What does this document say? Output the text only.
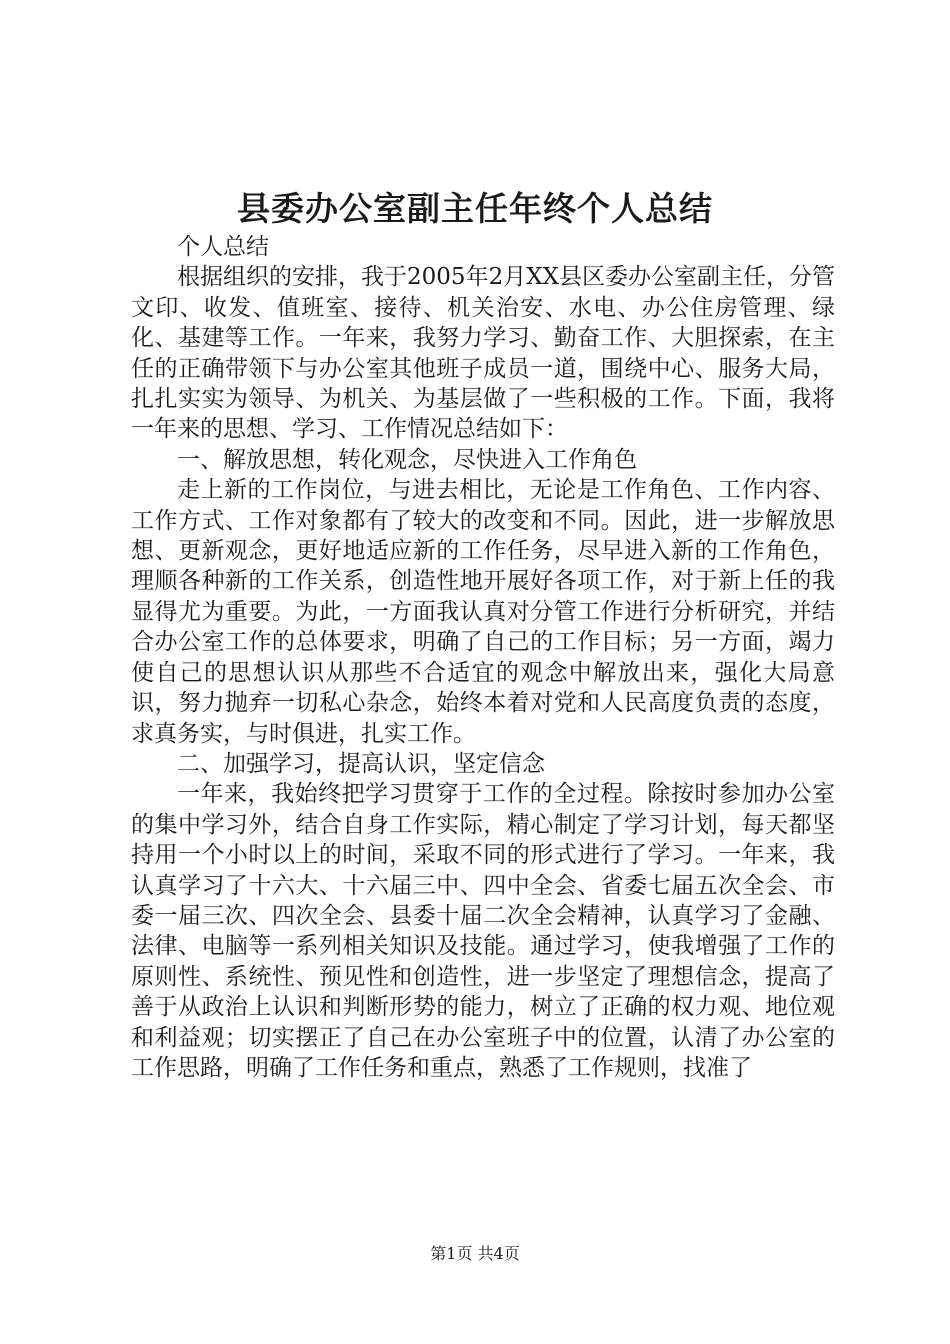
县委办公室副主任年终个人总结

个人总结

根据组织的安排，我于2005年2月XX县区委办公室副主任，分管文印、收发、值班室、接待、机关治安、水电、办公住房管理、绿化、基建等工作。一年来，我努力学习、勤奋工作、大胆探索，在主任的正确带领下与办公室其他班子成员一道，围绕中心、服务大局，扎扎实实为领导、为机关、为基层做了一些积极的工作。下面，我将一年来的思想、学习、工作情况总结如下：

一、解放思想，转化观念，尽快进入工作角色

走上新的工作岗位，与进去相比，无论是工作角色、工作内容、工作方式、工作对象都有了较大的改变和不同。因此，进一步解放思想、更新观念，更好地适应新的工作任务，尽早进入新的工作角色，理顺各种新的工作关系，创造性地开展好各项工作，对于新上任的我显得尤为重要。为此，一方面我认真对分管工作进行分析研究，并结合办公室工作的总体要求，明确了自己的工作目标；另一方面，竭力使自己的思想认识从那些不合适宜的观念中解放出来，强化大局意识，努力抛弃一切私心杂念，始终本着对党和人民高度负责的态度，求真务实，与时俱进，扎实工作。

二、加强学习，提高认识，坚定信念

一年来，我始终把学习贯穿于工作的全过程。除按时参加办公室的集中学习外，结合自身工作实际，精心制定了学习计划，每天都坚持用一个小时以上的时间，采取不同的形式进行了学习。一年来，我认真学习了十六大、十六届三中、四中全会、省委七届五次全会、市委一届三次、四次全会、县委十届二次全会精神，认真学习了金融、法律、电脑等一系列相关知识及技能。通过学习，使我增强了工作的原则性、系统性、预见性和创造性，进一步坚定了理想信念，提高了善于从政治上认识和判断形势的能力，树立了正确的权力观、地位观和利益观；切实摆正了自己在办公室班子中的位置，认清了办公室的工作思路，明确了工作任务和重点，熟悉了工作规则，找准了

第1页 共4页
